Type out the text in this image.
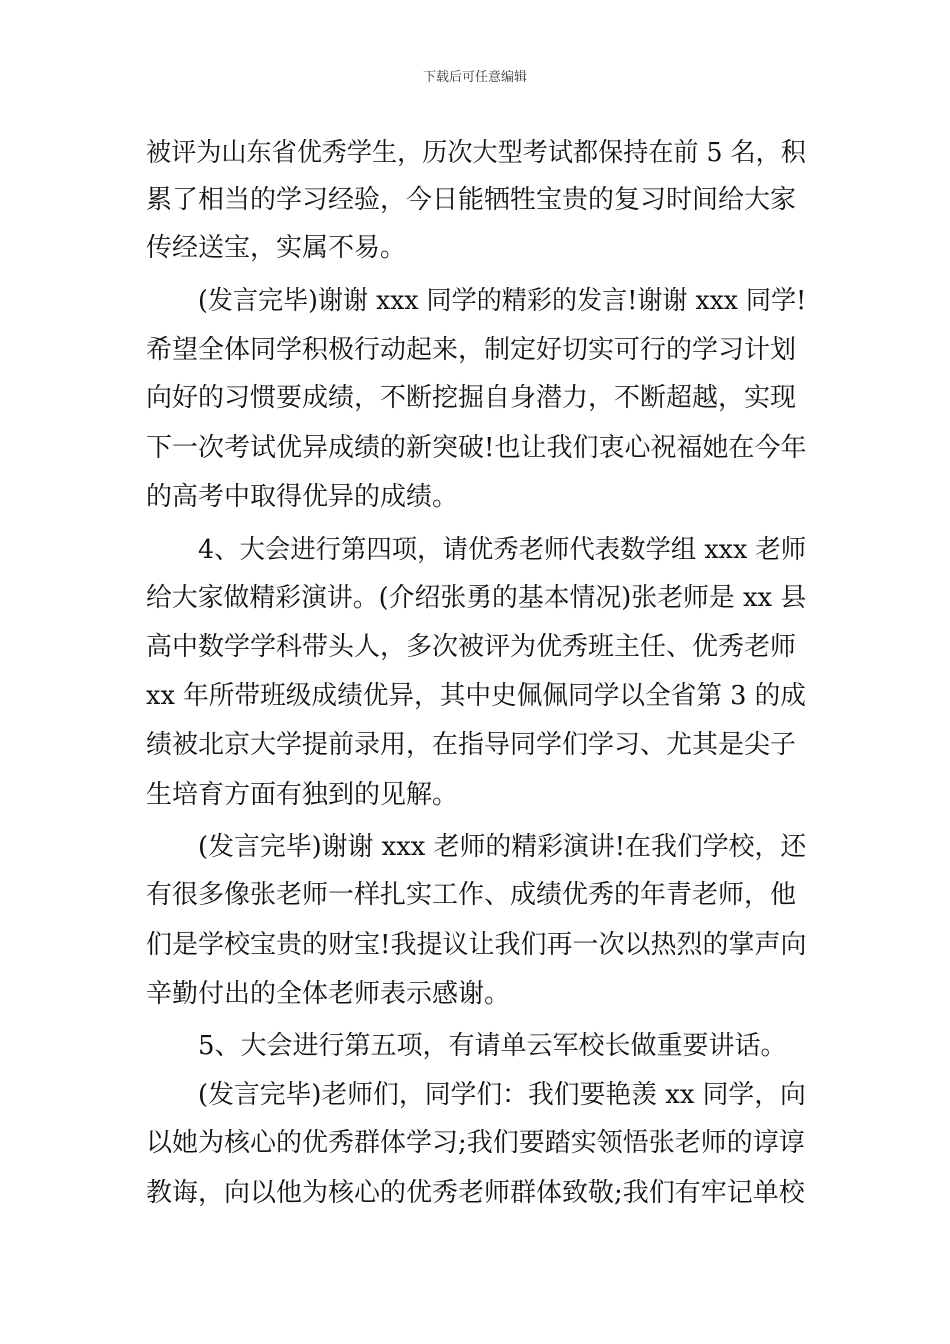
下载后可任意编辑
被评为山东省优秀学生，历次大型考试都保持在前 5 名，积
累了相当的学习经验，今日能牺牲宝贵的复习时间给大家
传经送宝，实属不易。
(发言完毕)谢谢 xxx 同学的精彩的发言!谢谢 xxx 同学!
希望全体同学积极行动起来，制定好切实可行的学习计划
向好的习惯要成绩，不断挖掘自身潜力，不断超越，实现
下一次考试优异成绩的新突破!也让我们衷心祝福她在今年
的高考中取得优异的成绩。
4、大会进行第四项，请优秀老师代表数学组 xxx 老师
给大家做精彩演讲。(介绍张勇的基本情况)张老师是 xx 县
高中数学学科带头人，多次被评为优秀班主任、优秀老师
xx 年所带班级成绩优异，其中史佩佩同学以全省第 3 的成
绩被北京大学提前录用，在指导同学们学习、尤其是尖子
生培育方面有独到的见解。
(发言完毕)谢谢 xxx 老师的精彩演讲!在我们学校，还
有很多像张老师一样扎实工作、成绩优秀的年青老师，他
们是学校宝贵的财宝!我提议让我们再一次以热烈的掌声向
辛勤付出的全体老师表示感谢。
5、大会进行第五项，有请单云军校长做重要讲话。
(发言完毕)老师们，同学们：我们要艳羡 xx 同学，向
以她为核心的优秀群体学习;我们要踏实领悟张老师的谆谆
教诲，向以他为核心的优秀老师群体致敬;我们有牢记单校
